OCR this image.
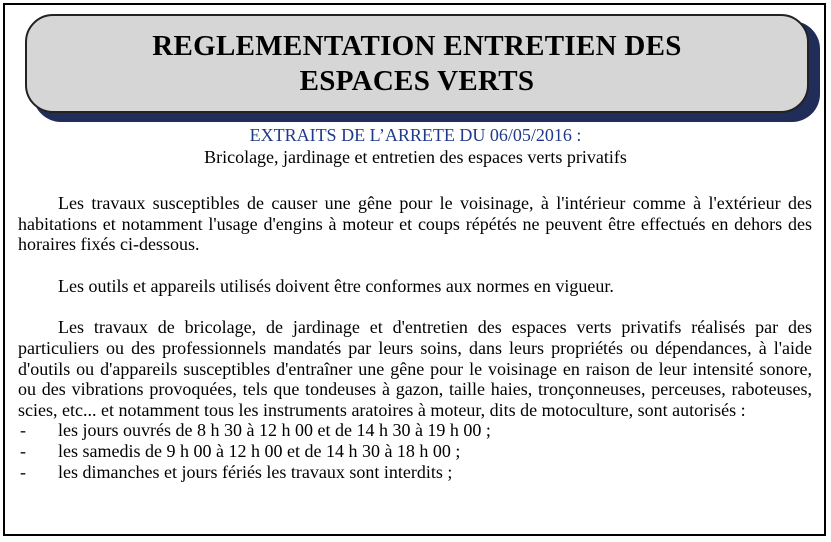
REGLEMENTATION ENTRETIEN DES ESPACES VERTS

EXTRAITS DE L’ARRETE DU 06/05/2016 :

Bricolage, jardinage et entretien des espaces verts privatifs

Les travaux susceptibles de causer une gêne pour le voisinage, à l'intérieur comme à l'extérieur des habitations et notamment l'usage d'engins à moteur et coups répétés ne peuvent être effectués en dehors des horaires fixés ci-dessous.

Les outils et appareils utilisés doivent être conformes aux normes en vigueur.

Les travaux de bricolage, de jardinage et d'entretien des espaces verts privatifs réalisés par des particuliers ou des professionnels mandatés par leurs soins, dans leurs propriétés ou dépendances, à l'aide d'outils ou d'appareils susceptibles d'entraîner une gêne pour le voisinage en raison de leur intensité sonore, ou des vibrations provoquées, tels que tondeuses à gazon, taille haies, tronçonneuses, perceuses, raboteuses, scies, etc... et notamment tous les instruments aratoires à moteur, dits de motoculture, sont autorisés :

-	les jours ouvrés de 8 h 30 à 12 h 00 et de 14 h 30 à 19 h 00 ;
-	les samedis de 9 h 00 à 12 h 00 et de 14 h 30 à 18 h 00 ;
-	les dimanches et jours fériés les travaux sont interdits ;
